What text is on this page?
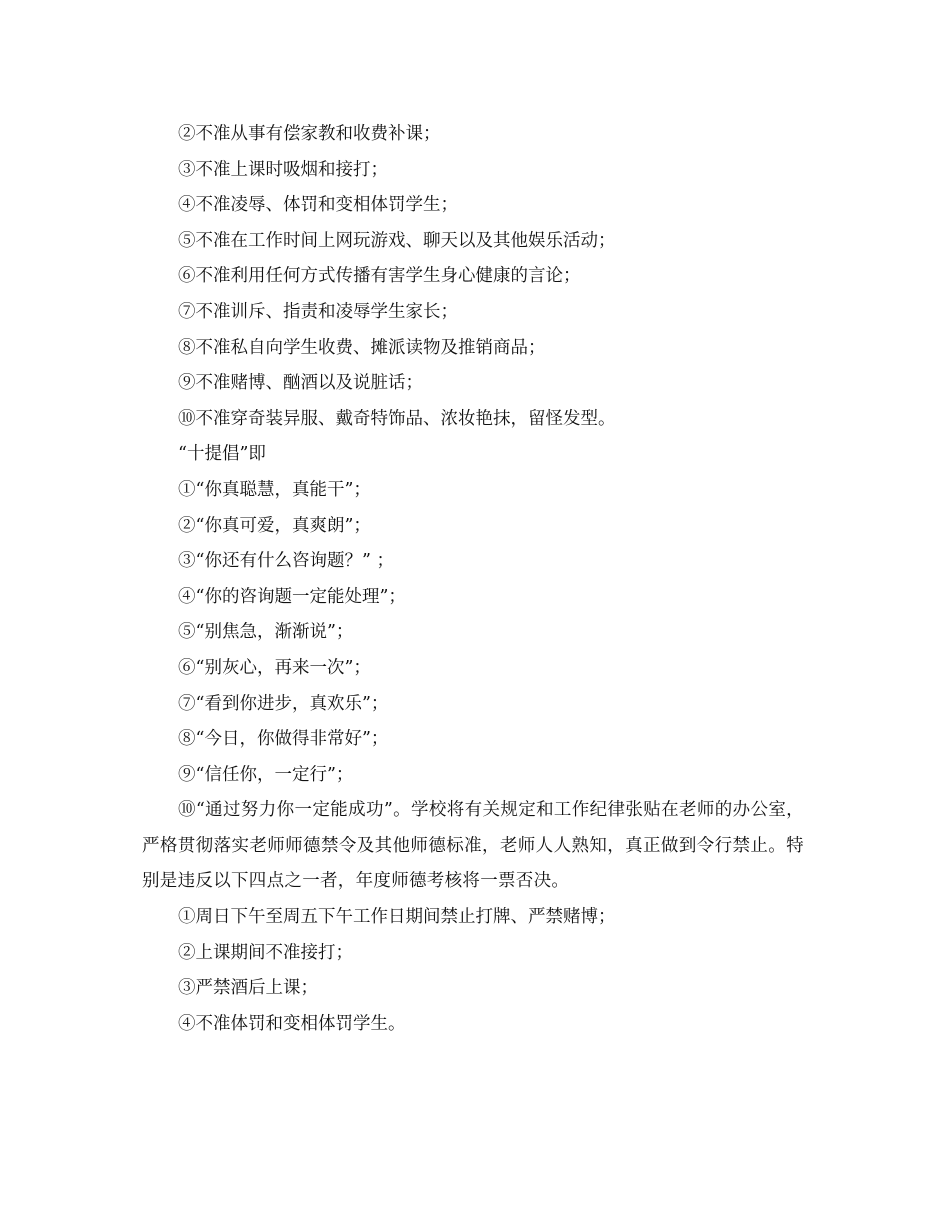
②不准从事有偿家教和收费补课；
③不准上课时吸烟和接打；
④不准凌辱、体罚和变相体罚学生；
⑤不准在工作时间上网玩游戏、聊天以及其他娱乐活动；
⑥不准利用任何方式传播有害学生身心健康的言论；
⑦不准训斥、指责和凌辱学生家长；
⑧不准私自向学生收费、摊派读物及推销商品；
⑨不准赌博、酗酒以及说脏话；
⑩不准穿奇装异服、戴奇特饰品、浓妆艳抹，留怪发型。
“十提倡”即
①“你真聪慧，真能干”；
②“你真可爱，真爽朗”；
③“你还有什么咨询题？” ；
④“你的咨询题一定能处理”；
⑤“别焦急，渐渐说”；
⑥“别灰心，再来一次”；
⑦“看到你进步，真欢乐”；
⑧“今日，你做得非常好”；
⑨“信任你，一定行”；
⑩“通过努力你一定能成功”。学校将有关规定和工作纪律张贴在老师的办公室，严格贯彻落实老师师德禁令及其他师德标准，老师人人熟知，真正做到令行禁止。特别是违反以下四点之一者，年度师德考核将一票否决。
①周日下午至周五下午工作日期间禁止打牌、严禁赌博；
②上课期间不准接打；
③严禁酒后上课；
④不准体罚和变相体罚学生。
